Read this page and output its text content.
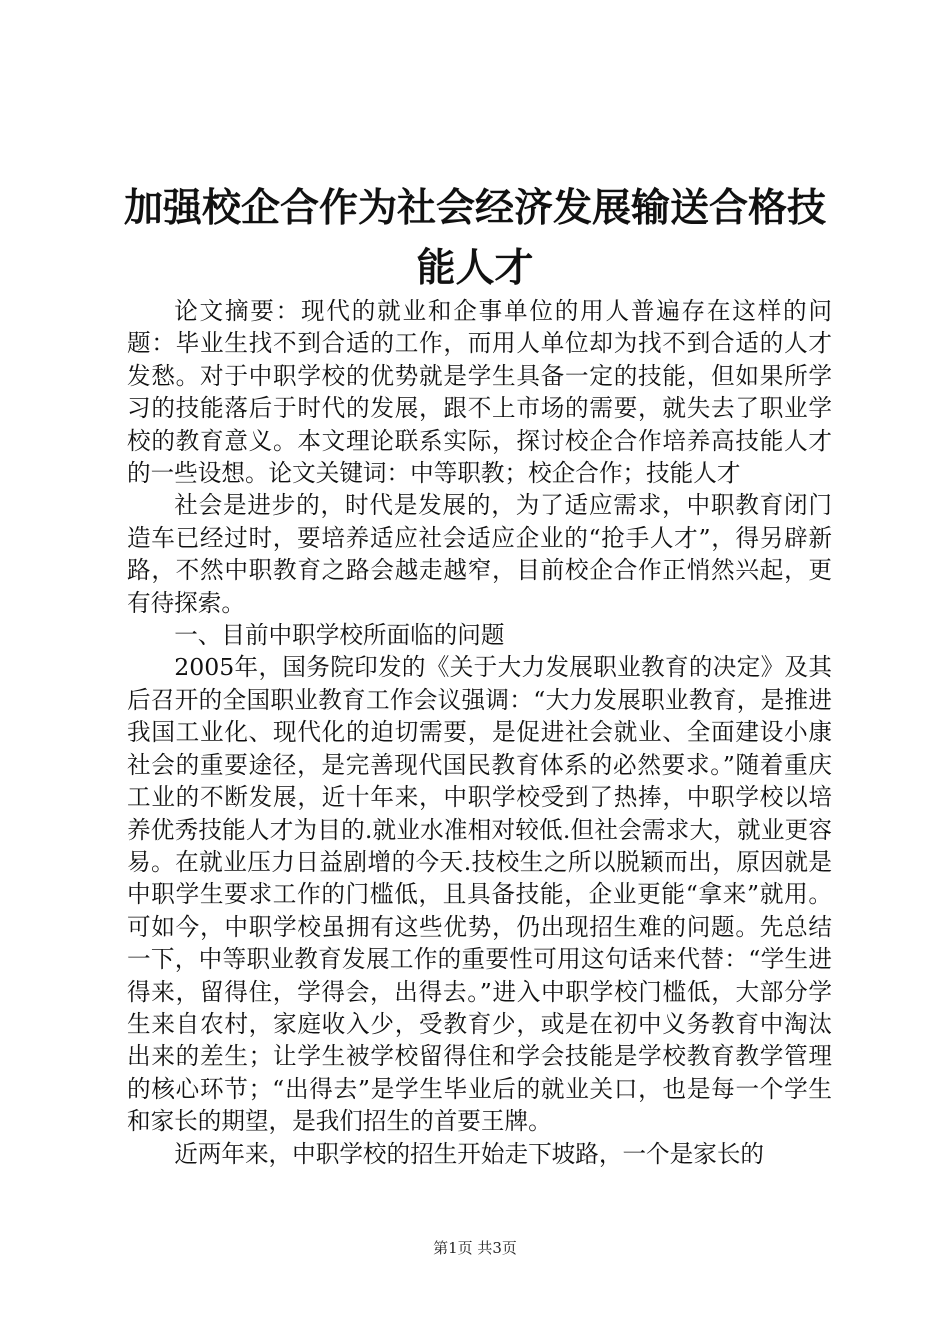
加强校企合作为社会经济发展输送合格技能人才

论文摘要：现代的就业和企事单位的用人普遍存在这样的问题：毕业生找不到合适的工作，而用人单位却为找不到合适的人才发愁。对于中职学校的优势就是学生具备一定的技能，但如果所学习的技能落后于时代的发展，跟不上市场的需要，就失去了职业学校的教育意义。本文理论联系实际，探讨校企合作培养高技能人才的一些设想。论文关键词：中等职教；校企合作；技能人才

社会是进步的，时代是发展的，为了适应需求，中职教育闭门造车已经过时，要培养适应社会适应企业的“抢手人才”，得另辟新路，不然中职教育之路会越走越窄，目前校企合作正悄然兴起，更有待探索。

一、目前中职学校所面临的问题

2005年，国务院印发的《关于大力发展职业教育的决定》及其后召开的全国职业教育工作会议强调：“大力发展职业教育，是推进我国工业化、现代化的迫切需要，是促进社会就业、全面建设小康社会的重要途径，是完善现代国民教育体系的必然要求。”随着重庆工业的不断发展，近十年来，中职学校受到了热捧，中职学校以培养优秀技能人才为目的.就业水准相对较低.但社会需求大，就业更容易。在就业压力日益剧增的今天.技校生之所以脱颖而出，原因就是中职学生要求工作的门槛低，且具备技能，企业更能“拿来”就用。可如今，中职学校虽拥有这些优势，仍出现招生难的问题。先总结一下，中等职业教育发展工作的重要性可用这句话来代替：“学生进得来，留得住，学得会，出得去。”进入中职学校门槛低，大部分学生来自农村，家庭收入少，受教育少，或是在初中义务教育中淘汰出来的差生；让学生被学校留得住和学会技能是学校教育教学管理的核心环节；“出得去”是学生毕业后的就业关口，也是每一个学生和家长的期望，是我们招生的首要王牌。

近两年来，中职学校的招生开始走下坡路，一个是家长的

第1页 共3页
